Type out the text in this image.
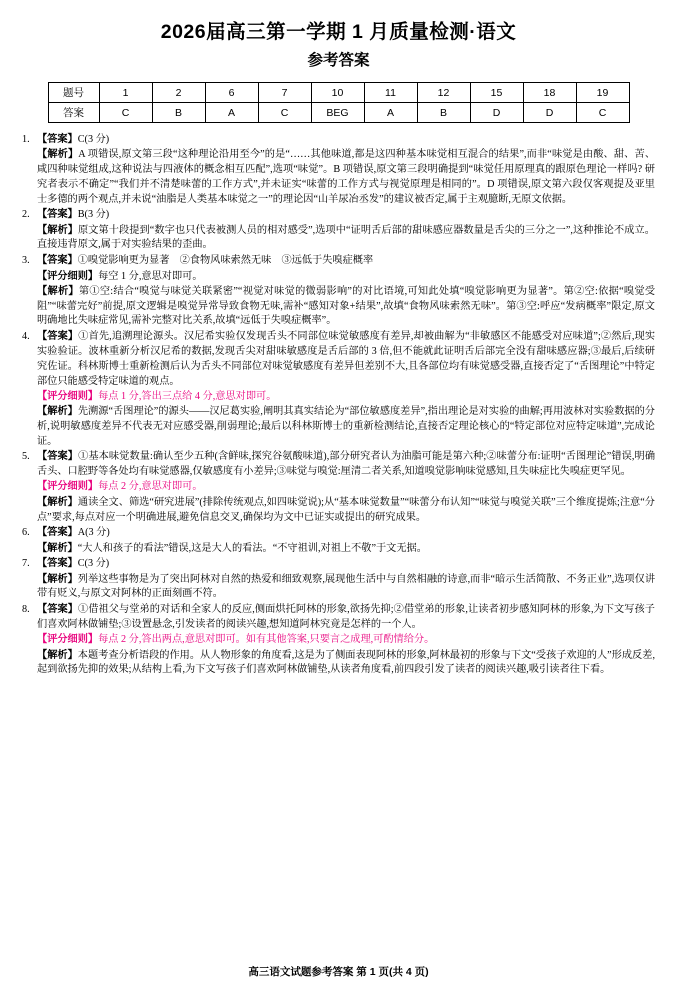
2026届高三第一学期 1 月质量检测·语文
参考答案
题号	1	2	6	7	10	11	12	15	18	19
答案	C	B	A	C	BEG	A	B	D	D	C
1. 【答案】C(3 分)
【解析】A 项错误,原文第三段“这种理论沿用至今”的是“……其他味道,都是这四种基本味觉相互混合的结果”,而非“味觉是由酸、甜、苦、咸四种味觉组成,这种说法与四液体的概念相互匹配”,选项“味觉”。B 项错误,原文第三段明确提到“味觉任用原理真的跟原色理论一样吗? 研究者表示不确定”“我们并不清楚味蕾的工作方式”,并未证实“味蕾的工作方式与视觉原理是相同的”。D 项错误,原文第六段仅客观提及亚里士多德的两个观点,并未说“油脂是人类基本味觉之一”的理论因“山羊尿冶丞发”的建议被否定,属于主观臆断,无原文依据。
2. 【答案】B(3 分)
【解析】原文第十段提到“数字也只代表被测人员的相对感受”,选项中“证明舌后部的甜味感应器数量是舌尖的三分之一”,这种推论不成立。直接违背原文,属于对实验结果的歪曲。
3. 【答案】①嗅觉影响更为显著　②食物风味索然无味　③远低于失嗅症概率
【评分细则】每空 1 分,意思对即可。
【解析】第①空:结合“嗅觉与味觉关联紧密”“视觉对味觉的微弱影响”的对比语境,可知此处填“嗅觉影响更为显著”。第②空:依据“嗅觉受阻”“味蕾完好”前提,原文逻辑是嗅觉异常导致食物无味,需补“感知对象+结果”,故填“食物风味索然无味”。第③空:呼应“发病概率”限定,原文明确地比失味症常见,需补完整对比关系,故填“远低于失嗅症概率”。
4. 【答案】①首先,追溯理论源头。汉尼希实验仅发现舌头不同部位味觉敏感度有差异,却被曲解为“非敏感区不能感受对应味道”;②然后,现实实验验证。波林重新分析汉尼希的数据,发现舌尖对甜味敏感度是舌后部的 3 倍,但不能就此证明舌后部完全没有甜味感应器;③最后,后续研究佐证。科林斯博士重新检测后认为舌头不同部位对味觉敏感度有差异但差别不大,且各部位均有味觉感受器,直接否定了“舌图理论”中特定部位只能感受特定味道的观点。
【评分细则】每点 1 分,答出三点给 4 分,意思对即可。
【解析】先溯源“舌图理论”的源头——汉尼葛实验,阐明其真实结论为“部位敏感度差异”,指出理论是对实验的曲解;再用波林对实验数据的分析,说明敏感度差异不代表无对应感受器,削弱理论;最后以科林斯博士的重新检测结论,直接否定理论核心的“特定部位对应特定味道”,完成论证。
5. 【答案】①基本味觉数量:确认至少五种(含鲜味,探究谷氨酸味道),部分研究者认为油脂可能是第六种;②味蕾分布:证明“舌图理论”错误,明确舌头、口腔野等各处均有味觉感器,仅敏感度有小差异;③味觉与嗅觉:厘清二者关系,知道嗅觉影响味觉感知,且失味症比失嗅症更罕见。
【评分细则】每点 2 分,意思对即可。
【解析】通读全文、筛选“研究进展”(排除传统观点,如四味觉说);从“基本味觉数量”“味蕾分布认知”“味觉与嗅觉关联”三个维度提炼;注意“分点”要求,每点对应一个明确进展,避免信息交叉,确保均为文中已证实或提出的研究成果。
6. 【答案】A(3 分)
【解析】“大人和孩子的看法”错误,这是大人的看法。“不守祖训,对祖上不敬”于文无据。
7. 【答案】C(3 分)
【解析】列举这些事物是为了突出阿林对自然的热爱和细致观察,展现他生活中与自然相融的诗意,而非“暗示生活简散、不务正业”,选项仅讲带有贬义,与原文对阿林的正面刻画不符。
8. 【答案】①借祖父与堂弟的对话和全家人的反应,侧面烘托阿林的形象,欲扬先抑;②借堂弟的形象,让读者初步感知阿林的形象,为下文写孩子们喜欢阿林做铺垫;③设置悬念,引发读者的阅读兴趣,想知道阿林究竟是怎样的一个人。
【评分细则】每点 2 分,答出两点,意思对即可。如有其他答案,只要言之成理,可酌情给分。
【解析】本题考查分析语段的作用。从人物形象的角度看,这是为了侧面表现阿林的形象,阿林最初的形象与下文“受孩子欢迎的人”形成反差,起到欲扬先抑的效果;从结构上看,为下文写孩子们喜欢阿林做铺垫,从读者角度看,前四段引发了读者的阅读兴趣,吸引读者往下看。
高三语文试题参考答案 第 1 页(共 4 页)
